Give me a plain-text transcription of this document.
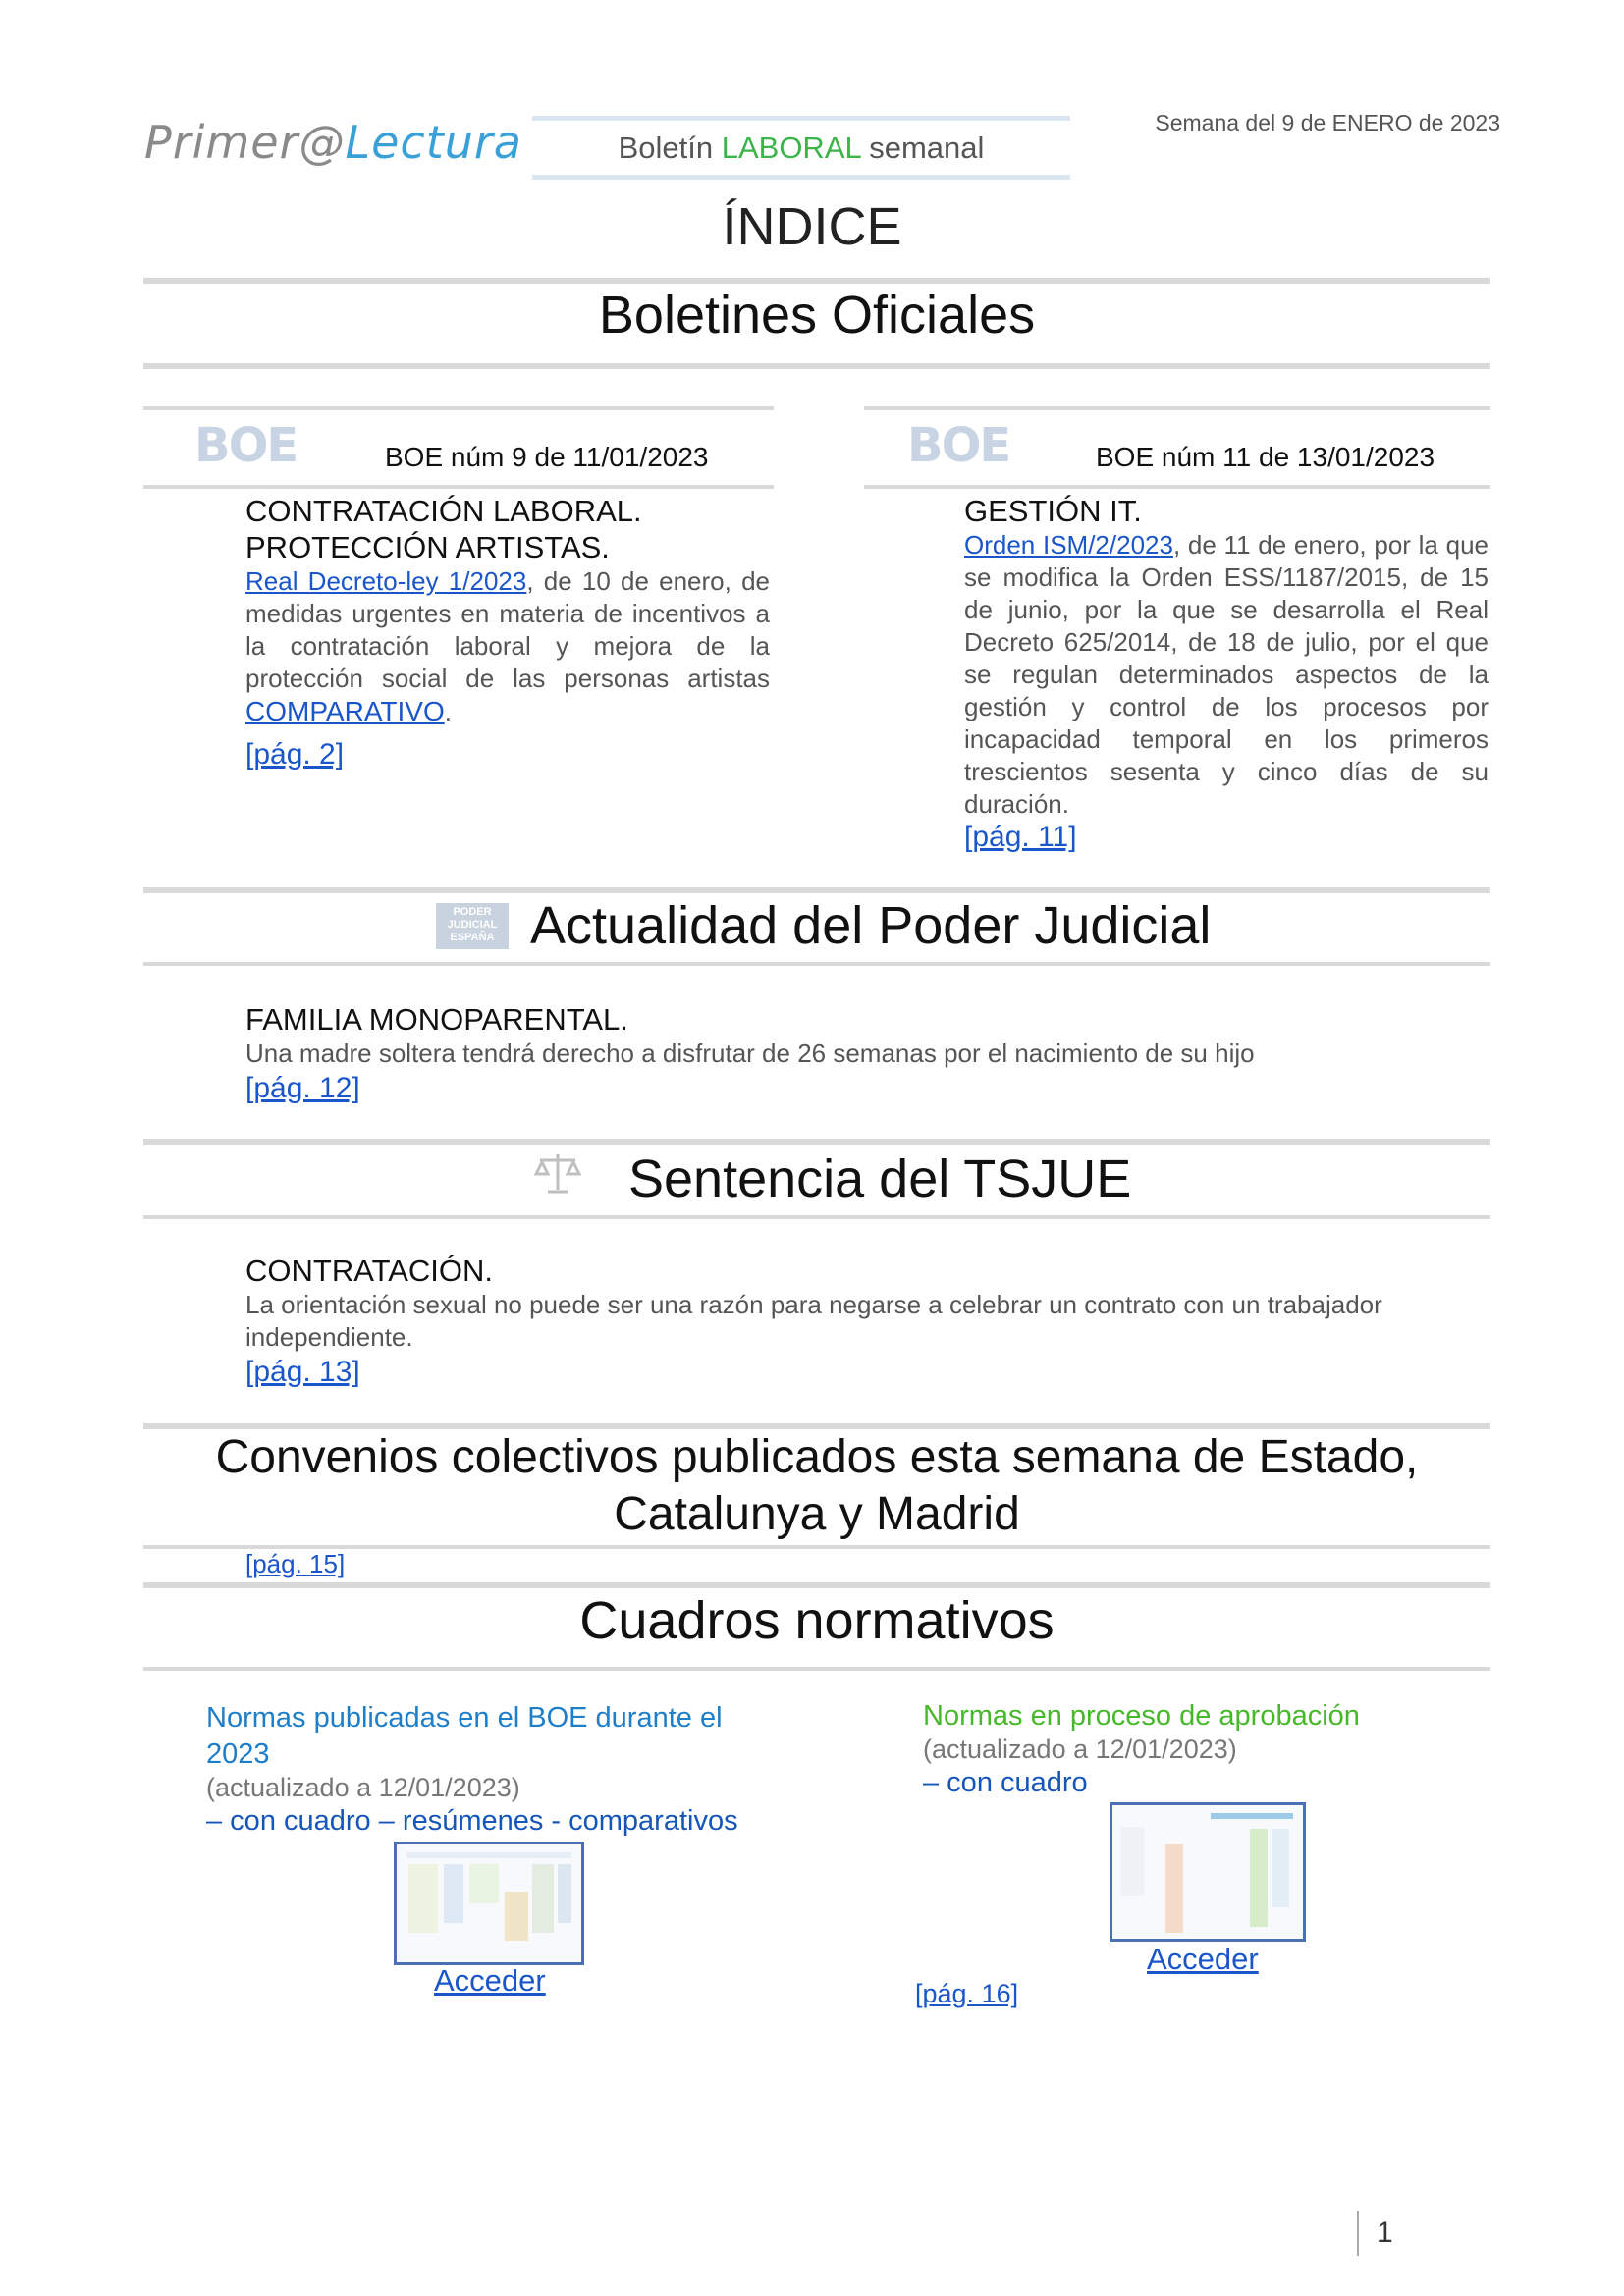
Primer@Lectura	Boletín LABORAL semanal
Semana del 9 de ENERO de 2023
ÍNDICE
Boletines Oficiales
BOE	BOE núm 9 de 11/01/2023	BOE	BOE núm 11 de 13/01/2023
CONTRATACIÓN LABORAL.
PROTECCIÓN ARTISTAS.
Real Decreto-ley 1/2023, de 10 de enero, de medidas urgentes en materia de incentivos a la contratación laboral y mejora de la protección social de las personas artistas COMPARATIVO.
[pág. 2]
GESTIÓN IT.
Orden ISM/2/2023, de 11 de enero, por la que se modifica la Orden ESS/1187/2015, de 15 de junio, por la que se desarrolla el Real Decreto 625/2014, de 18 de julio, por el que se regulan determinados aspectos de la gestión y control de los procesos por incapacidad temporal en los primeros trescientos sesenta y cinco días de su duración.
[pág. 11]
PODER
JUDICIAL
ESPAÑA Actualidad del Poder Judicial
FAMILIA MONOPARENTAL.
Una madre soltera tendrá derecho a disfrutar de 26 semanas por el nacimiento de su hijo
[pág. 12]
Sentencia del TSJUE
CONTRATACIÓN.
La orientación sexual no puede ser una razón para negarse a celebrar un contrato con un trabajador independiente.
[pág. 13]
Convenios colectivos publicados esta semana de Estado,
Catalunya y Madrid
[pág. 15]
Cuadros normativos
Normas publicadas en el BOE durante el
2023
(actualizado a 12/01/2023)
– con cuadro – resúmenes - comparativos
Acceder
Normas en proceso de aprobación
(actualizado a 12/01/2023)
– con cuadro
Acceder
[pág. 16]
1
